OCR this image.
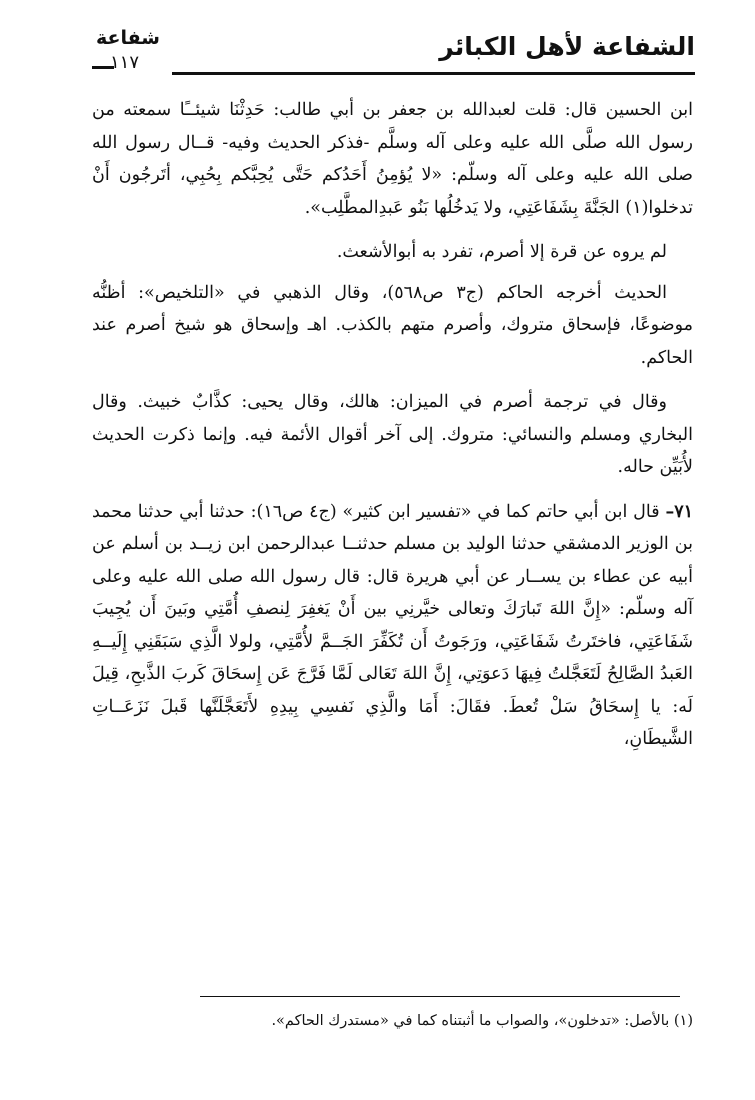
الشفاعة لأهل الكبائر
شفاعة
١١٧

ابن الحسين قال: قلت لعبدالله بن جعفر بن أبي طالب: حَدِثْنَا شيئــًا سمعته من رسول الله صلَّى الله عليه وعلى آله وسلَّم -فذكر الحديث وفيه- قــال رسول الله صلى الله عليه وعلى آله وسلّم: «لا يُؤمِنُ أَحَدُكم حَتَّى يُحِبَّكم بِحُبِي، أتَرجُون أَنْ تدخلوا(١) الجَنَّةَ بِشَفَاعَتِي، ولا يَدخُلُها بَنُو عَبدِالمطَّلِب».

لم يروه عن قرة إلا أصرم، تفرد به أبوالأشعث.

الحديث أخرجه الحاكم (ج٣ ص٥٦٨)، وقال الذهبي في «التلخيص»: أظنُّه موضوعًا، فإسحاق متروك، وأصرم متهم بالكذب. اهـ وإسحاق هو شيخ أصرم عند الحاكم.

وقال في ترجمة أصرم في الميزان: هالك، وقال يحيى: كذَّابٌ خبيث. وقال البخاري ومسلم والنسائي: متروك. إلى آخر أقوال الأئمة فيه. وإنما ذكرت الحديث لأُبَيِّن حاله.

٧١– قال ابن أبي حاتم كما في «تفسير ابن كثير» (ج٤ ص١٦): حدثنا أبي حدثنا محمد بن الوزير الدمشقي حدثنا الوليد بن مسلم حدثنــا عبدالرحمن ابن زيــد بن أسلم عن أبيه عن عطاء بن يســار عن أبي هريرة قال: قال رسول الله صلى الله عليه وعلى آله وسلّم: «إِنَّ اللهَ تَبارَكَ وتعالى خيَّرنِي بين أَنْ يَغفِرَ لِنصفِ أُمَّتِي وبَينَ أَن يُجِيبَ شَفَاعَتِي، فاختَرتُ شَفَاعَتِي، ورَجَوتُ أَن تُكَفِّرَ الجَــمَّ لأُمَّتِي، ولولا الَّذِي سَبَقَنِي إِلَيــهِ العَبدُ الصَّالِحُ لَتَعَجَّلتُ فِيهَا دَعوَتِي، إِنَّ اللهَ تَعَالى لَمَّا فَرَّجَ عَن إِسحَاقَ كَربَ الذَّبحِ، قِيلَ لَه: يا إِسحَاقُ سَلْ تُعطَ. فقَالَ: أَمَا والَّذِي نَفسِي بِيدِهِ لأَتَعَجَّلَنَّها قَبلَ نَزَعَــاتِ الشَّيطَانِ،

(١) بالأصل: «تدخلون»، والصواب ما أثبتناه كما في «مستدرك الحاكم».
